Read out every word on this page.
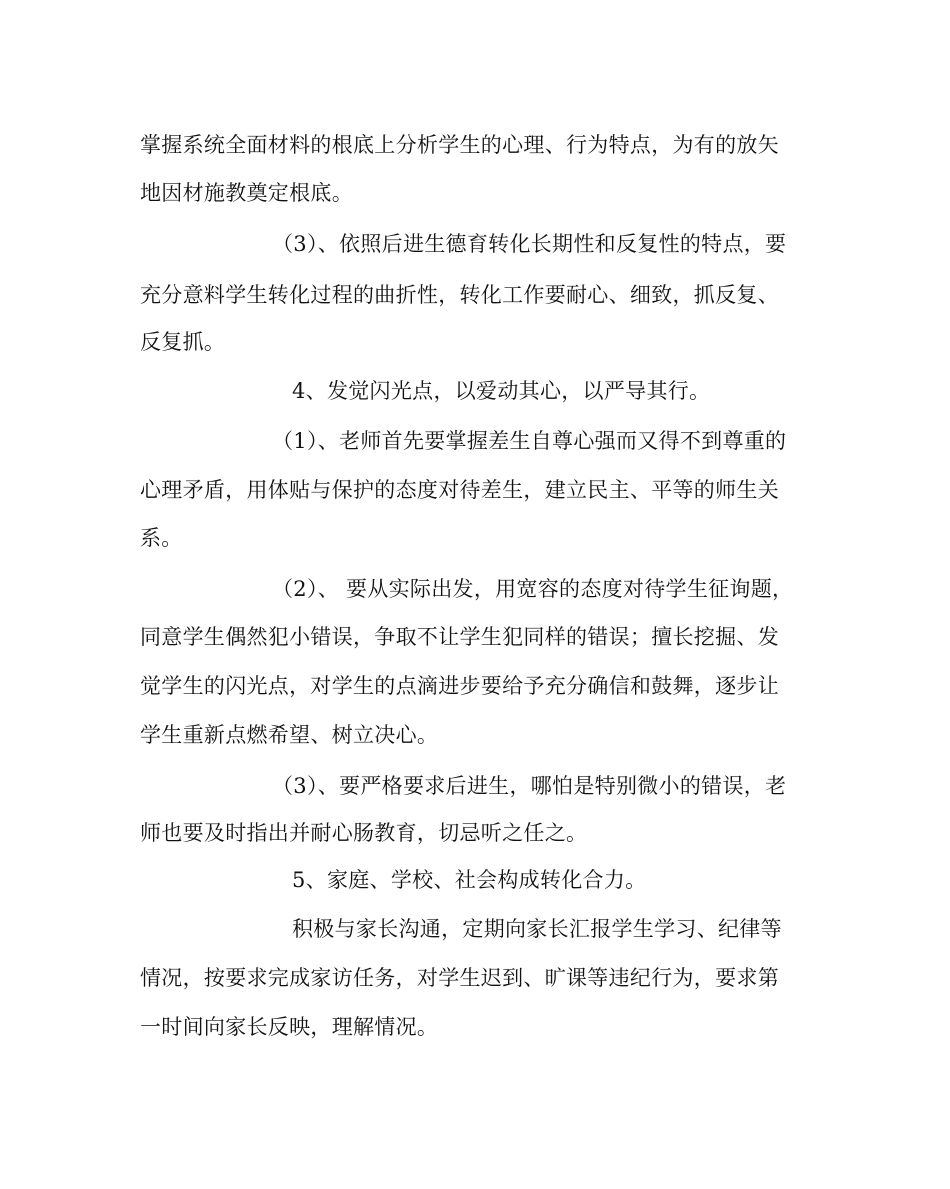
掌握系统全面材料的根底上分析学生的心理、行为特点，为有的放矢
地因材施教奠定根底。
（3）、依照后进生德育转化长期性和反复性的特点，要
充分意料学生转化过程的曲折性，转化工作要耐心、细致，抓反复、
反复抓。
4、发觉闪光点，以爱动其心，以严导其行。
（1）、老师首先要掌握差生自尊心强而又得不到尊重的
心理矛盾，用体贴与保护的态度对待差生，建立民主、平等的师生关
系。
（2）、 要从实际出发，用宽容的态度对待学生征询题，
同意学生偶然犯小错误，争取不让学生犯同样的错误；擅长挖掘、发
觉学生的闪光点，对学生的点滴进步要给予充分确信和鼓舞，逐步让
学生重新点燃希望、树立决心。
（3）、要严格要求后进生，哪怕是特别微小的错误，老
师也要及时指出并耐心肠教育，切忌听之任之。
5、家庭、学校、社会构成转化合力。
积极与家长沟通，定期向家长汇报学生学习、纪律等
情况，按要求完成家访任务，对学生迟到、旷课等违纪行为，要求第
一时间向家长反映，理解情况。
